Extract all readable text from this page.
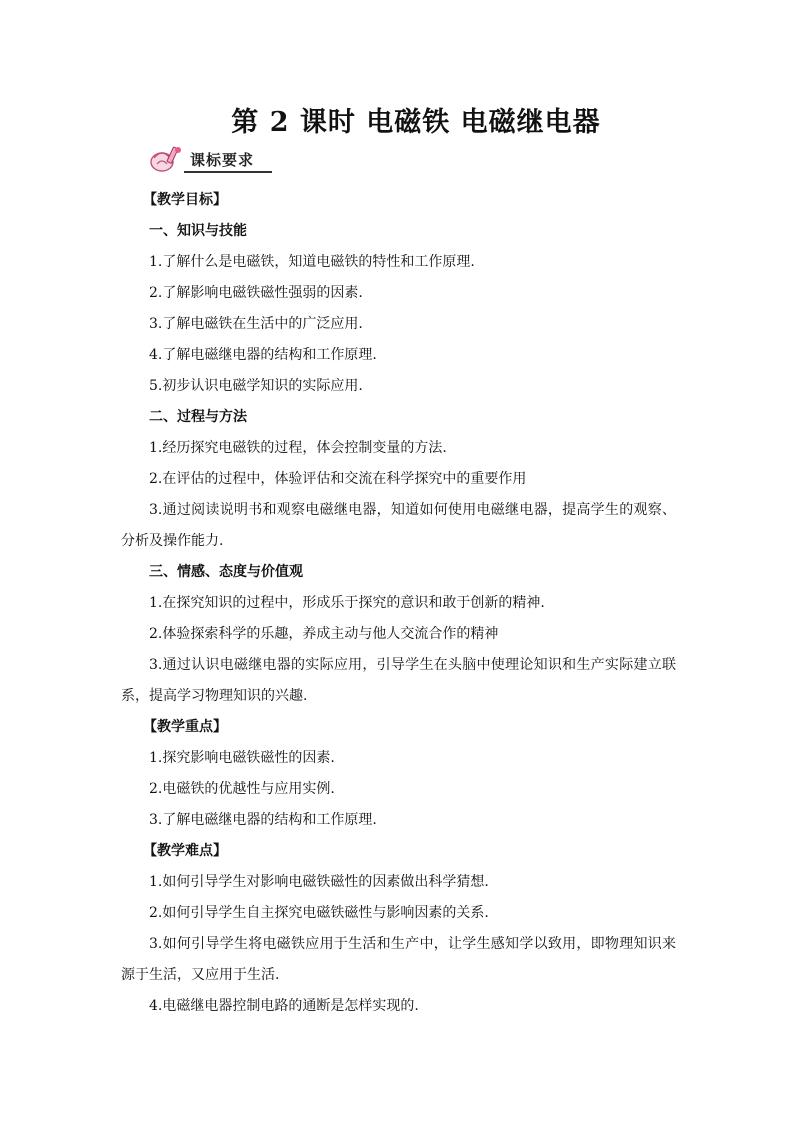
第 2 课时 电磁铁 电磁继电器
课标要求
【教学目标】
一、知识与技能
1.了解什么是电磁铁，知道电磁铁的特性和工作原理.
2.了解影响电磁铁磁性强弱的因素.
3.了解电磁铁在生活中的广泛应用.
4.了解电磁继电器的结构和工作原理.
5.初步认识电磁学知识的实际应用.
二、过程与方法
1.经历探究电磁铁的过程，体会控制变量的方法.
2.在评估的过程中，体验评估和交流在科学探究中的重要作用
3.通过阅读说明书和观察电磁继电器，知道如何使用电磁继电器，提高学生的观察、分析及操作能力.
三、情感、态度与价值观
1.在探究知识的过程中，形成乐于探究的意识和敢于创新的精神.
2.体验探索科学的乐趣，养成主动与他人交流合作的精神
3.通过认识电磁继电器的实际应用，引导学生在头脑中使理论知识和生产实际建立联系，提高学习物理知识的兴趣.
【教学重点】
1.探究影响电磁铁磁性的因素.
2.电磁铁的优越性与应用实例.
3.了解电磁继电器的结构和工作原理.
【教学难点】
1.如何引导学生对影响电磁铁磁性的因素做出科学猜想.
2.如何引导学生自主探究电磁铁磁性与影响因素的关系.
3.如何引导学生将电磁铁应用于生活和生产中，让学生感知学以致用，即物理知识来源于生活，又应用于生活.
4.电磁继电器控制电路的通断是怎样实现的.
